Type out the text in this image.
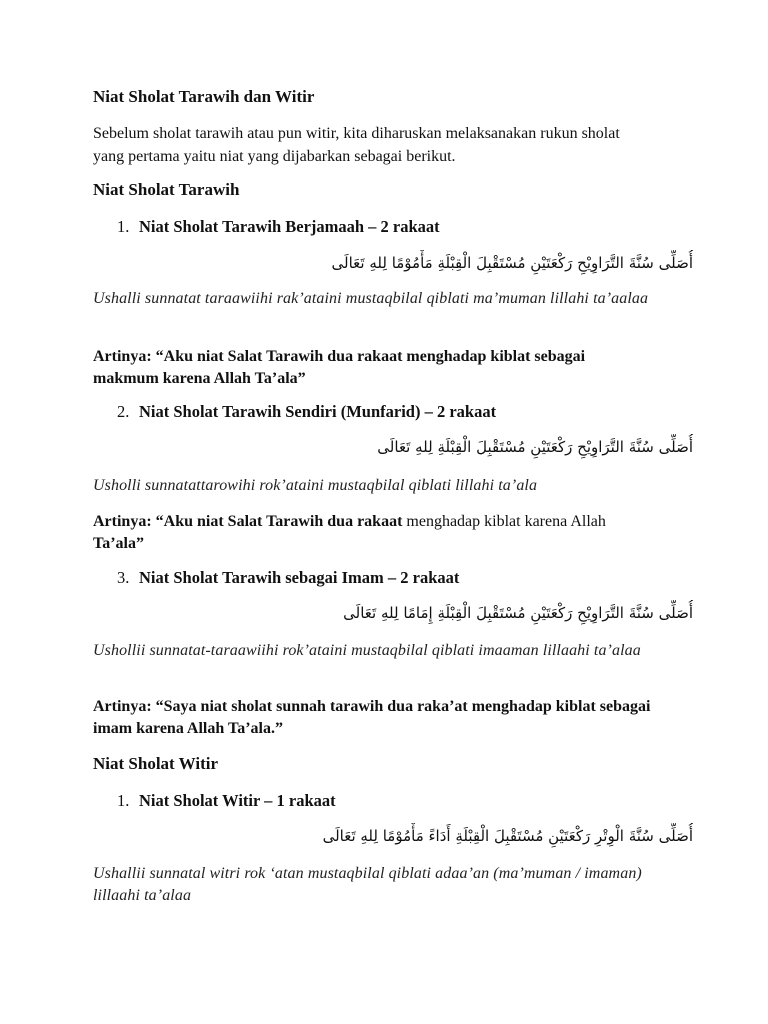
Niat Sholat Tarawih dan Witir

Sebelum sholat tarawih atau pun witir, kita diharuskan melaksanakan rukun sholat yang pertama yaitu niat yang dijabarkan sebagai berikut.

Niat Sholat Tarawih

1. Niat Sholat Tarawih Berjamaah – 2 rakaat

أُصَلِّى سُنَّةَ التَّرَاوِيْحِ رَكْعَتَيْنِ مُسْتَقْبِلَ الْقِبْلَةِ مَأْمُوْمًا لِلهِ تَعَالَى

Ushalli sunnatat taraawiihi rak’ataini mustaqbilal qiblati ma’muman lillahi ta’aalaa

Artinya: “Aku niat Salat Tarawih dua rakaat menghadap kiblat sebagai makmum karena Allah Ta’ala”

2. Niat Sholat Tarawih Sendiri (Munfarid) – 2 rakaat

أُصَلِّى سُنَّةَ التَّرَاوِيْحِ رَكْعَتَيْنِ مُسْتَقْبِلَ الْقِبْلَةِ لِلهِ تَعَالَى

Usholli sunnatattarowihi rok’ataini mustaqbilal qiblati lillahi ta’ala

Artinya: “Aku niat Salat Tarawih dua rakaat menghadap kiblat karena Allah Ta’ala”

3. Niat Sholat Tarawih sebagai Imam – 2 rakaat

أُصَلِّى سُنَّةَ التَّرَاوِيْحِ رَكْعَتَيْنِ مُسْتَقْبِلَ الْقِبْلَةِ إِمَامًا لِلهِ تَعَالَى

Ushollii sunnatat-taraawiihi rok’ataini mustaqbilal qiblati imaaman lillaahi ta’alaa

Artinya: “Saya niat sholat sunnah tarawih dua raka’at menghadap kiblat sebagai imam karena Allah Ta’ala.”

Niat Sholat Witir

1. Niat Sholat Witir – 1 rakaat

أُصَلِّى سُنَّةَ الْوِتْرِ رَكْعَتَيْنِ مُسْتَقْبِلَ الْقِبْلَةِ أَدَاءً مَأْمُوْمًا لِلهِ تَعَالَى

Ushallii sunnatal witri rok ‘atan mustaqbilal qiblati adaa’an (ma’muman / imaman) lillaahi ta’alaa
